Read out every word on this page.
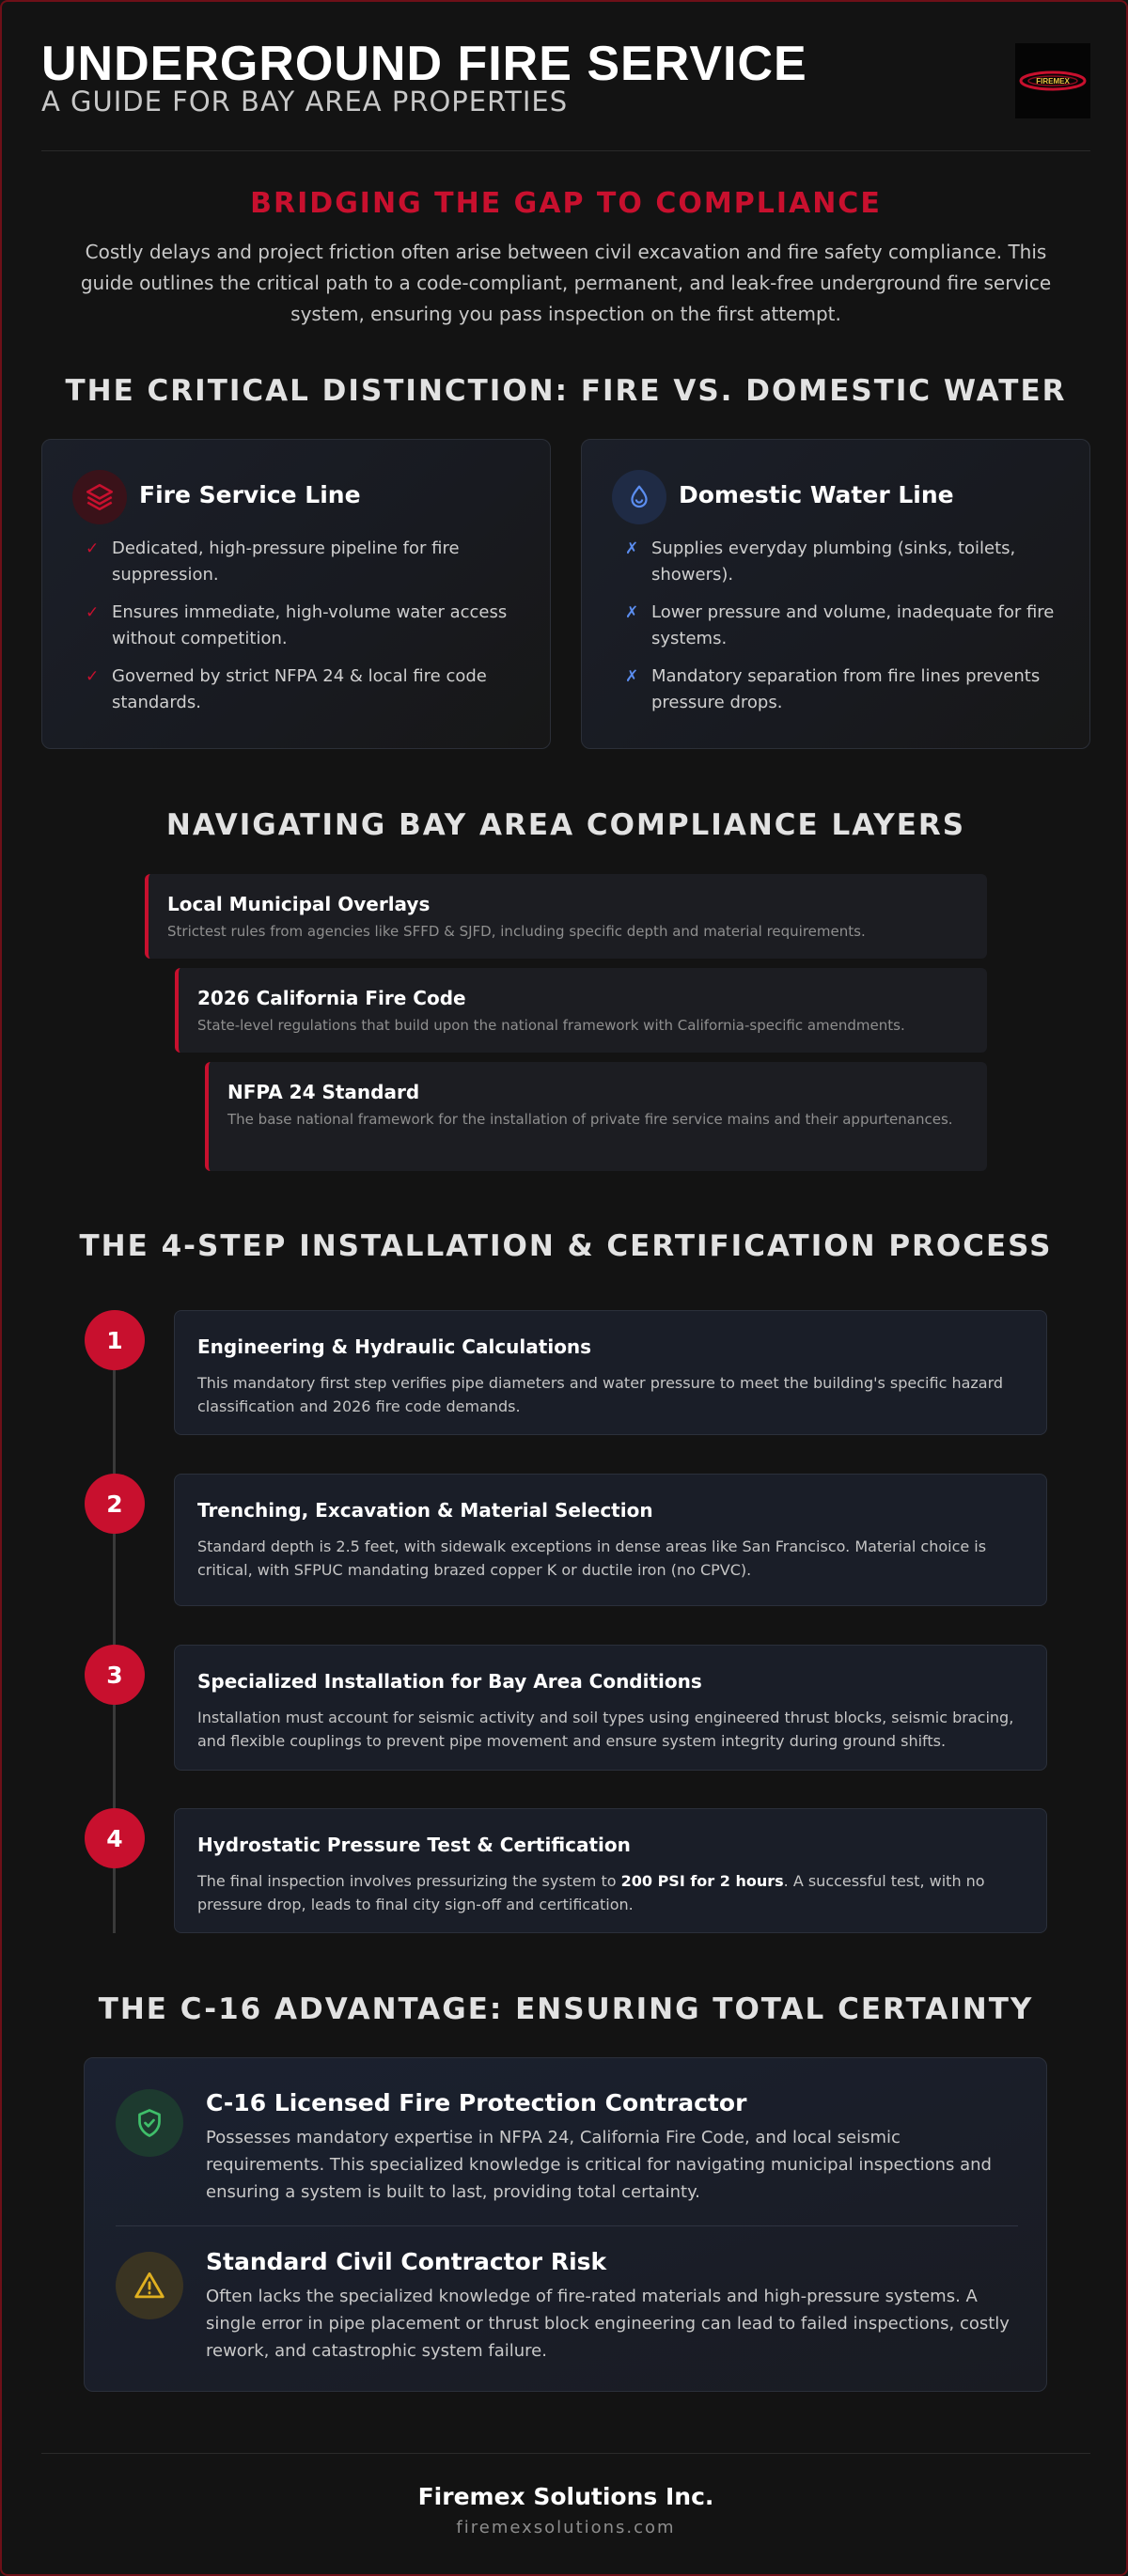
UNDERGROUND FIRE SERVICE
A GUIDE FOR BAY AREA PROPERTIES
FIREMEX
BRIDGING THE GAP TO COMPLIANCE
Costly delays and project friction often arise between civil excavation and fire safety compliance. This guide outlines the critical path to a code-compliant, permanent, and leak-free underground fire service system, ensuring you pass inspection on the first attempt.
THE CRITICAL DISTINCTION: FIRE VS. DOMESTIC WATER
Fire Service Line
✓ Dedicated, high-pressure pipeline for fire suppression.
✓ Ensures immediate, high-volume water access without competition.
✓ Governed by strict NFPA 24 & local fire code standards.
Domestic Water Line
✗ Supplies everyday plumbing (sinks, toilets, showers).
✗ Lower pressure and volume, inadequate for fire systems.
✗ Mandatory separation from fire lines prevents pressure drops.
NAVIGATING BAY AREA COMPLIANCE LAYERS
Local Municipal Overlays
Strictest rules from agencies like SFFD & SJFD, including specific depth and material requirements.
2026 California Fire Code
State-level regulations that build upon the national framework with California-specific amendments.
NFPA 24 Standard
The base national framework for the installation of private fire service mains and their appurtenances.
THE 4-STEP INSTALLATION & CERTIFICATION PROCESS
1	Engineering & Hydraulic Calculations
This mandatory first step verifies pipe diameters and water pressure to meet the building's specific hazard classification and 2026 fire code demands.
2	Trenching, Excavation & Material Selection
Standard depth is 2.5 feet, with sidewalk exceptions in dense areas like San Francisco. Material choice is critical, with SFPUC mandating brazed copper K or ductile iron (no CPVC).
3	Specialized Installation for Bay Area Conditions
Installation must account for seismic activity and soil types using engineered thrust blocks, seismic bracing, and flexible couplings to prevent pipe movement and ensure system integrity during ground shifts.
4	Hydrostatic Pressure Test & Certification
The final inspection involves pressurizing the system to 200 PSI for 2 hours. A successful test, with no pressure drop, leads to final city sign-off and certification.
THE C-16 ADVANTAGE: ENSURING TOTAL CERTAINTY
C-16 Licensed Fire Protection Contractor
Possesses mandatory expertise in NFPA 24, California Fire Code, and local seismic requirements. This specialized knowledge is critical for navigating municipal inspections and ensuring a system is built to last, providing total certainty.
Standard Civil Contractor Risk
Often lacks the specialized knowledge of fire-rated materials and high-pressure systems. A single error in pipe placement or thrust block engineering can lead to failed inspections, costly rework, and catastrophic system failure.
Firemex Solutions Inc.
firemexsolutions.com
